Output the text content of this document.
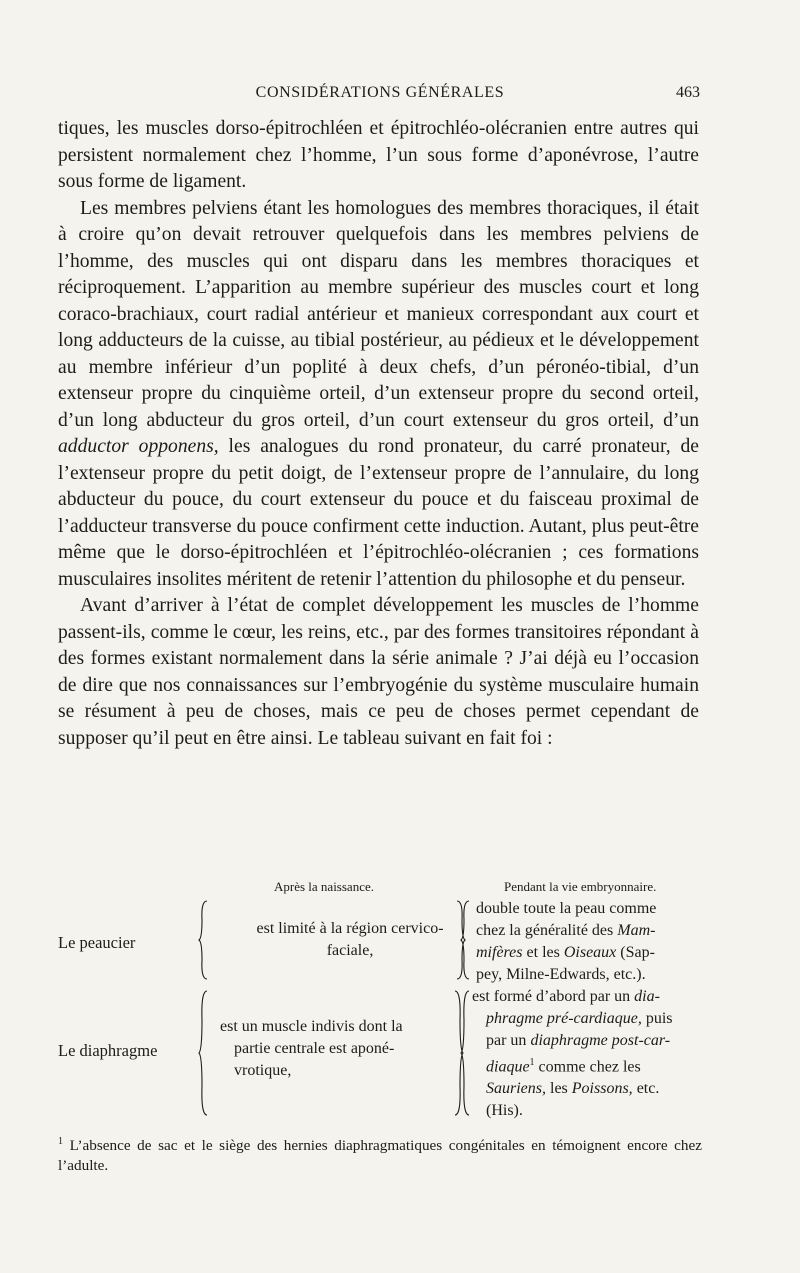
CONSIDÉRATIONS GÉNÉRALES	463

tiques, les muscles dorso-épitrochléen et épitrochléo-olécranien entre autres qui persistent normalement chez l’homme, l’un sous forme d’aponévrose, l’autre sous forme de ligament.

Les membres pelviens étant les homologues des membres thoraciques, il était à croire qu’on devait retrouver quelquefois dans les membres pelviens de l’homme, des muscles qui ont disparu dans les membres thoraciques et réciproquement. L’apparition au membre supérieur des muscles court et long coraco-brachiaux, court radial antérieur et manieux correspondant aux court et long adducteurs de la cuisse, au tibial postérieur, au pédieux et le développement au membre inférieur d’un poplité à deux chefs, d’un péronéo-tibial, d’un extenseur propre du cinquième orteil, d’un extenseur propre du second orteil, d’un long abducteur du gros orteil, d’un court extenseur du gros orteil, d’un adductor opponens, les analogues du rond pronateur, du carré pronateur, de l’extenseur propre du petit doigt, de l’extenseur propre de l’annulaire, du long abducteur du pouce, du court extenseur du pouce et du faisceau proximal de l’adducteur transverse du pouce confirment cette induction. Autant, plus peut-être même que le dorso-épitrochléen et l’épitrochléo-olécranien ; ces formations musculaires insolites méritent de retenir l’attention du philosophe et du penseur.

Avant d’arriver à l’état de complet développement les muscles de l’homme passent-ils, comme le cœur, les reins, etc., par des formes transitoires répondant à des formes existant normalement dans la série animale ? J’ai déjà eu l’occasion de dire que nos connaissances sur l’embryogénie du système musculaire humain se résument à peu de choses, mais ce peu de choses permet cependant de supposer qu’il peut en être ainsi. Le tableau suivant en fait foi :

Après la naissance.	Pendant la vie embryonnaire.
Le peaucier
est limité à la région cervico-
faciale,
double toute la peau comme
chez la généralité des Mam-
mifères et les Oiseaux (Sap-
pey, Milne-Edwards, etc.).
Le diaphragme
est un muscle indivis dont la
partie centrale est aponé-
vrotique,
est formé d’abord par un dia-
phragme pré-cardiaque, puis
par un diaphragme post-car-
diaque$^1$ comme chez les
Sauriens, les Poissons, etc.
(His).
$^1$ L’absence de sac et le siège des hernies diaphragmatiques congénitales en témoignent encore chez l’adulte.
